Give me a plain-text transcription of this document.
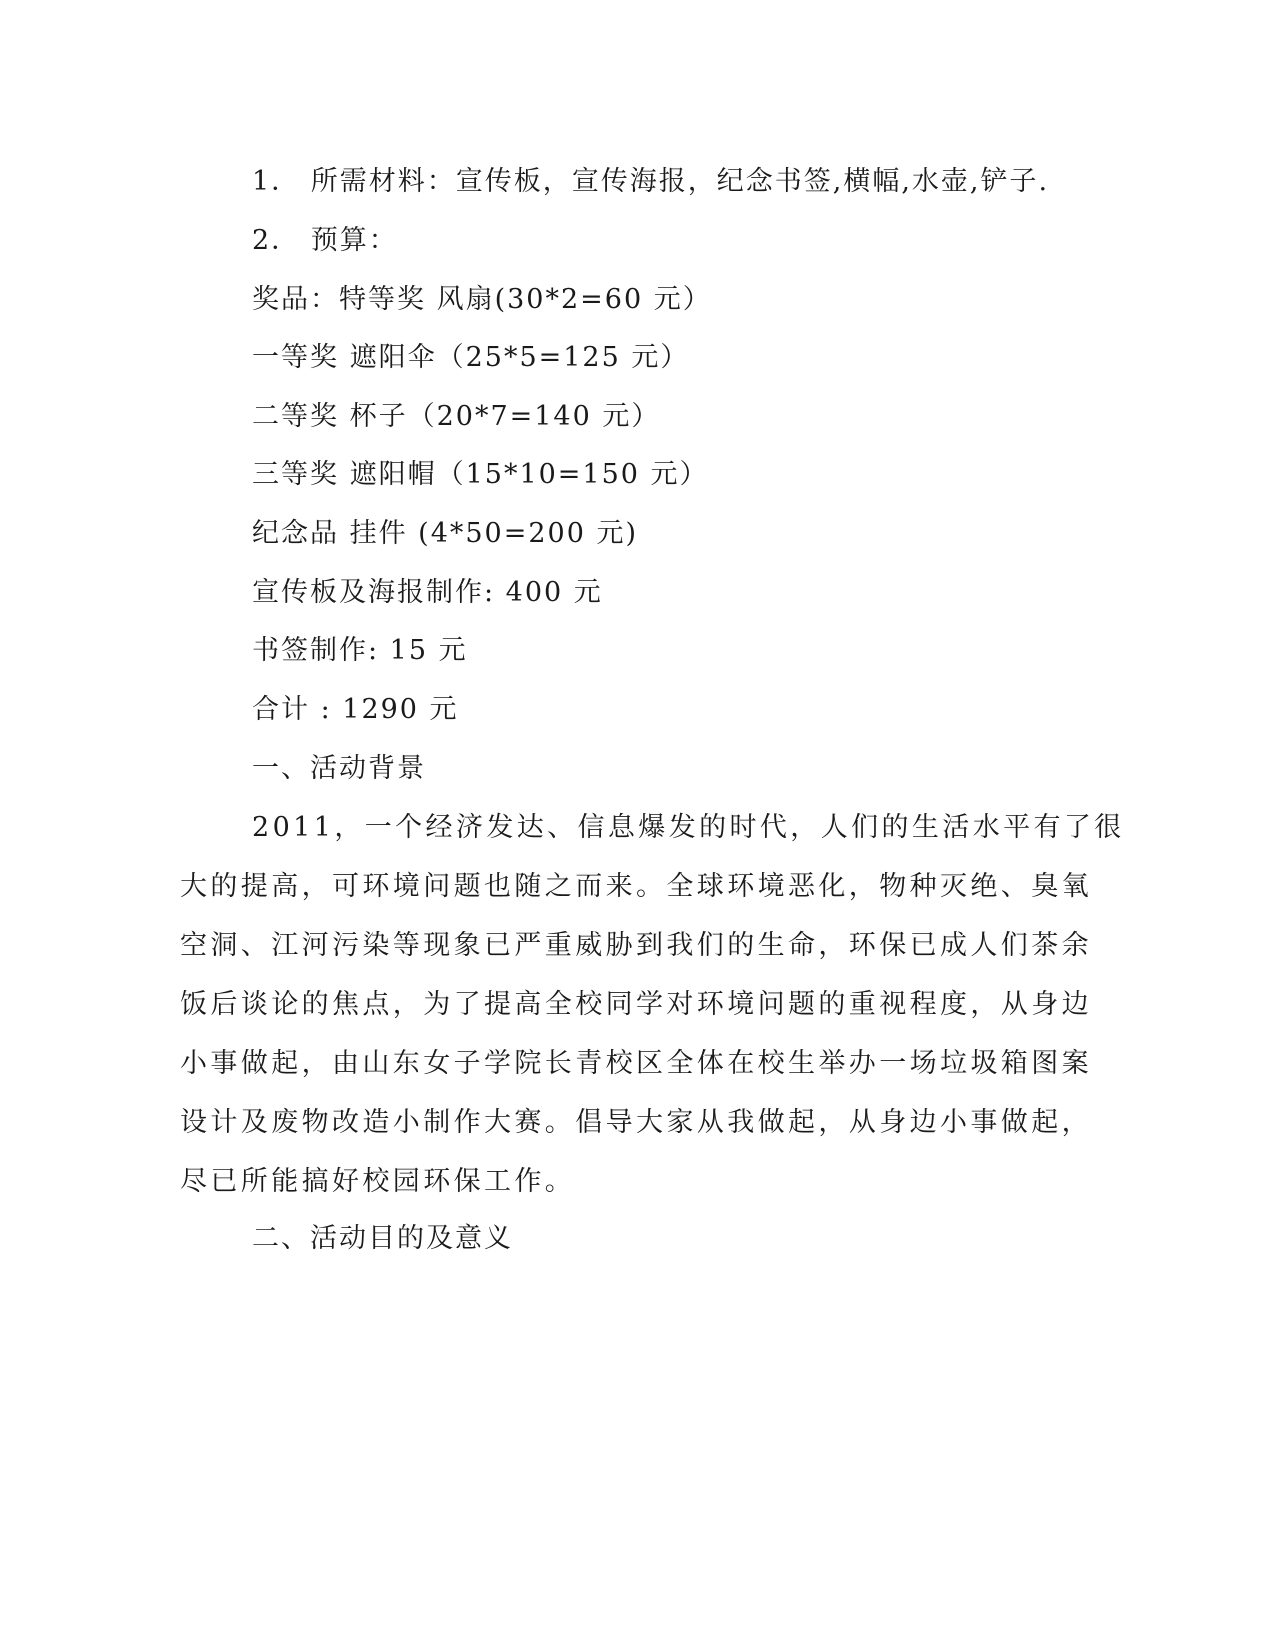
1． 所需材料：宣传板，宣传海报，纪念书签,横幅,水壶,铲子.
2． 预算：
奖品：特等奖 风扇(30*2=60 元）
一等奖 遮阳伞（25*5=125 元）
二等奖 杯子（20*7=140 元）
三等奖 遮阳帽（15*10=150 元）
纪念品 挂件 (4*50=200 元)
宣传板及海报制作: 400 元
书签制作: 15 元
合计 : 1290 元
一、活动背景
2011，一个经济发达、信息爆发的时代，人们的生活水平有了很
大的提高，可环境问题也随之而来。全球环境恶化，物种灭绝、臭氧
空洞、江河污染等现象已严重威胁到我们的生命，环保已成人们茶余
饭后谈论的焦点，为了提高全校同学对环境问题的重视程度，从身边
小事做起，由山东女子学院长青校区全体在校生举办一场垃圾箱图案
设计及废物改造小制作大赛。倡导大家从我做起，从身边小事做起，
尽已所能搞好校园环保工作。
二、活动目的及意义
